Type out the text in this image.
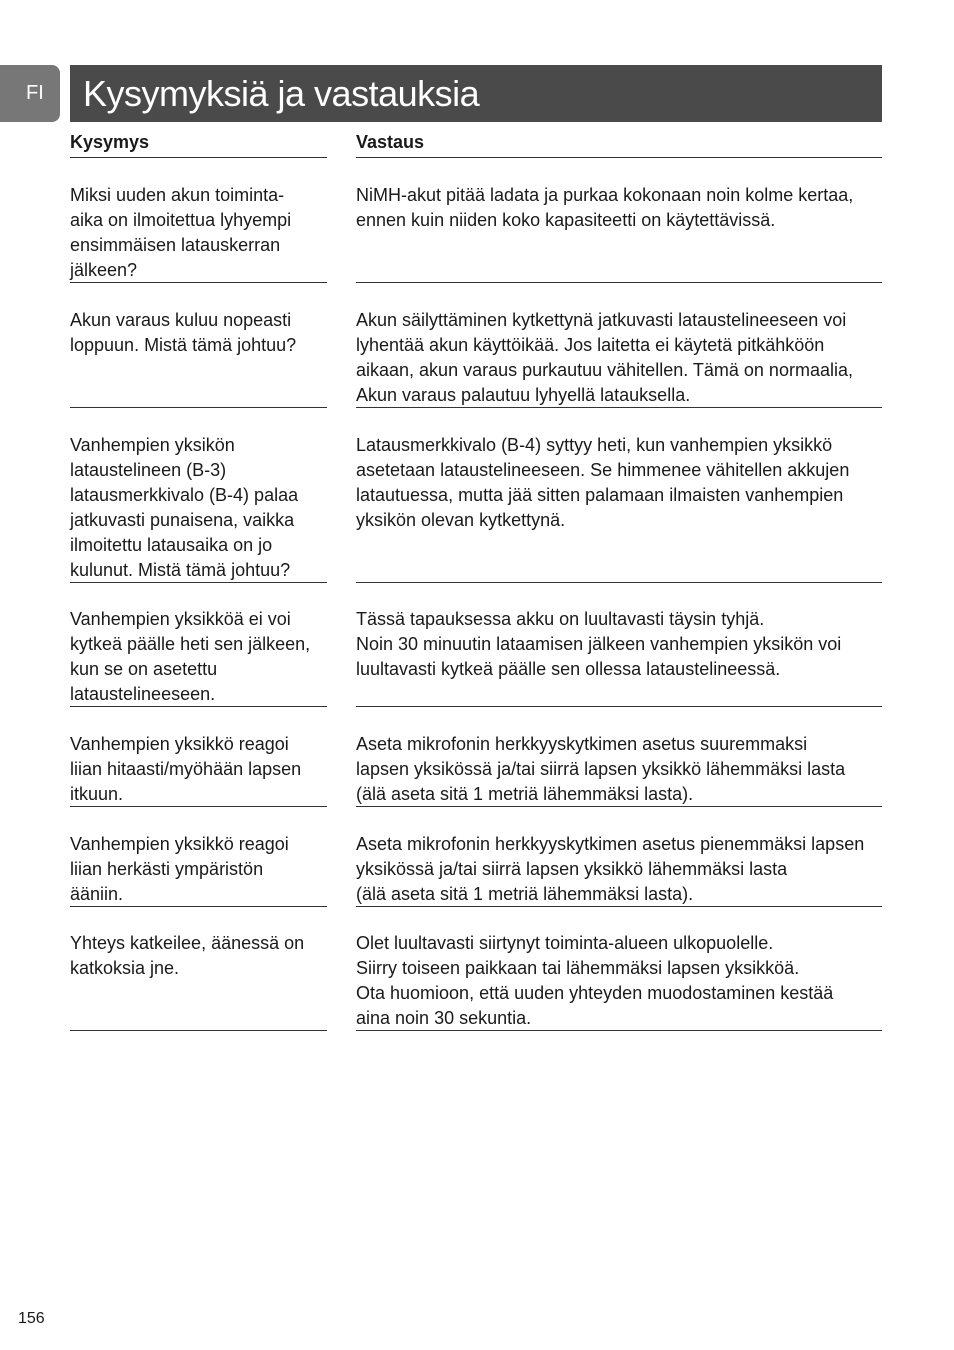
FI	Kysymyksiä ja vastauksia
Kysymys	Vastaus
Miksi uuden akun toiminta-
aika on ilmoitettua lyhyempi
ensimmäisen latauskerran
jälkeen?
NiMH-akut pitää ladata ja purkaa kokonaan noin kolme kertaa,
ennen kuin niiden koko kapasiteetti on käytettävissä.
Akun varaus kuluu nopeasti
loppuun. Mistä tämä johtuu?
Akun säilyttäminen kytkettynä jatkuvasti lataustelineeseen voi
lyhentää akun käyttöikää. Jos laitetta ei käytetä pitkähköön
aikaan, akun varaus purkautuu vähitellen. Tämä on normaalia,
Akun varaus palautuu lyhyellä latauksella.
Vanhempien yksikön
lataustelineen (B-3)
latausmerkkivalo (B-4) palaa
jatkuvasti punaisena, vaikka
ilmoitettu latausaika on jo
kulunut. Mistä tämä johtuu?
Latausmerkkivalo (B-4) syttyy heti, kun vanhempien yksikkö
asetetaan lataustelineeseen. Se himmenee vähitellen akkujen
latautuessa, mutta jää sitten palamaan ilmaisten vanhempien
yksikön olevan kytkettynä.
Vanhempien yksikköä ei voi
kytkeä päälle heti sen jälkeen,
kun se on asetettu
lataustelineeseen.
Tässä tapauksessa akku on luultavasti täysin tyhjä.
Noin 30 minuutin lataamisen jälkeen vanhempien yksikön voi
luultavasti kytkeä päälle sen ollessa lataustelineessä.
Vanhempien yksikkö reagoi
liian hitaasti/myöhään lapsen
itkuun.
Aseta mikrofonin herkkyyskytkimen asetus suuremmaksi
lapsen yksikössä ja/tai siirrä lapsen yksikkö lähemmäksi lasta
(älä aseta sitä 1 metriä lähemmäksi lasta).
Vanhempien yksikkö reagoi
liian herkästi ympäristön
ääniin.
Aseta mikrofonin herkkyyskytkimen asetus pienemmäksi lapsen
yksikössä ja/tai siirrä lapsen yksikkö lähemmäksi lasta
(älä aseta sitä 1 metriä lähemmäksi lasta).
Yhteys katkeilee, äänessä on
katkoksia jne.
Olet luultavasti siirtynyt toiminta-alueen ulkopuolelle.
Siirry toiseen paikkaan tai lähemmäksi lapsen yksikköä.
Ota huomioon, että uuden yhteyden muodostaminen kestää
aina noin 30 sekuntia.
156
